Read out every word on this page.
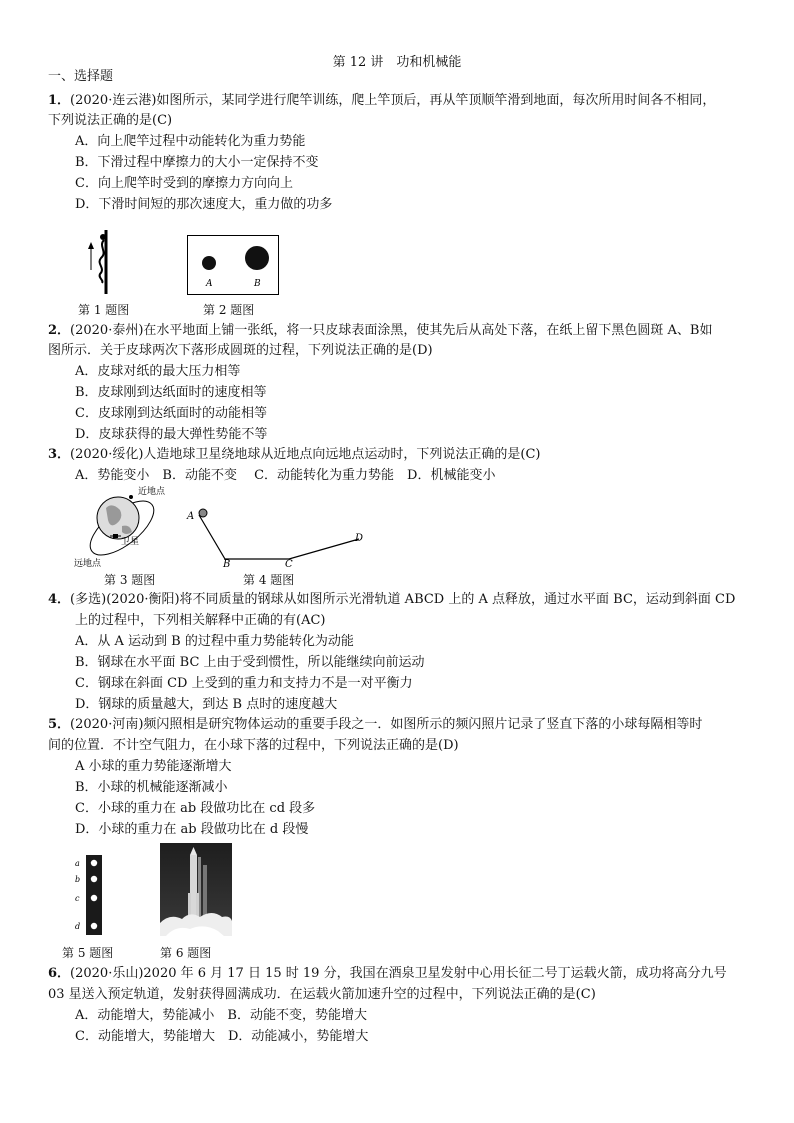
第 12 讲　功和机械能
一、选择题
1．(2020·连云港)如图所示，某同学进行爬竿训练，爬上竿顶后，再从竿顶顺竿滑到地面，每次所用时间各不相同，
下列说法正确的是(C)
A．向上爬竿过程中动能转化为重力势能
B．下滑过程中摩擦力的大小一定保持不变
C．向上爬竿时受到的摩擦力方向向上
D．下滑时间短的那次速度大，重力做的功多
第 1 题图
A	B
第 2 题图
2．(2020·泰州)在水平地面上铺一张纸，将一只皮球表面涂黑，使其先后从高处下落，在纸上留下黑色圆斑 A、B如
图所示．关于皮球两次下落形成圆斑的过程，下列说法正确的是(D)
A．皮球对纸的最大压力相等
B．皮球刚到达纸面时的速度相等
C．皮球刚到达纸面时的动能相等
D．皮球获得的最大弹性势能不等
3．(2020·绥化)人造地球卫星绕地球从近地点向远地点运动时，下列说法正确的是(C)
A．势能变小　B．动能不变　 C．动能转化为重力势能　D．机械能变小
近地点
卫星
远地点
第 3 题图
A
B	C
D
第 4 题图
4．(多选)(2020·衡阳)将不同质量的钢球从如图所示光滑轨道 ABCD 上的 A 点释放，通过水平面 BC，运动到斜面 CD
上的过程中，下列相关解释中正确的有(AC)
A．从 A 运动到 B 的过程中重力势能转化为动能
B．钢球在水平面 BC 上由于受到惯性，所以能继续向前运动
C．钢球在斜面 CD 上受到的重力和支持力不是一对平衡力
D．钢球的质量越大，到达 B 点时的速度越大
5．(2020·河南)频闪照相是研究物体运动的重要手段之一．如图所示的频闪照片记录了竖直下落的小球每隔相等时
间的位置．不计空气阻力，在小球下落的过程中，下列说法正确的是(D)
A 小球的重力势能逐渐增大
B．小球的机械能逐渐减小
C．小球的重力在 ab 段做功比在 cd 段多
D．小球的重力在 ab 段做功比在 d 段慢
a
b
c
d
第 5 题图	第 6 题图
6．(2020·乐山)2020 年 6 月 17 日 15 时 19 分，我国在酒泉卫星发射中心用长征二号丁运载火箭，成功将高分九号
03 星送入预定轨道，发射获得圆满成功．在运载火箭加速升空的过程中，下列说法正确的是(C)
A．动能增大，势能减小　B．动能不变，势能增大
C．动能增大，势能增大　D．动能减小，势能增大
